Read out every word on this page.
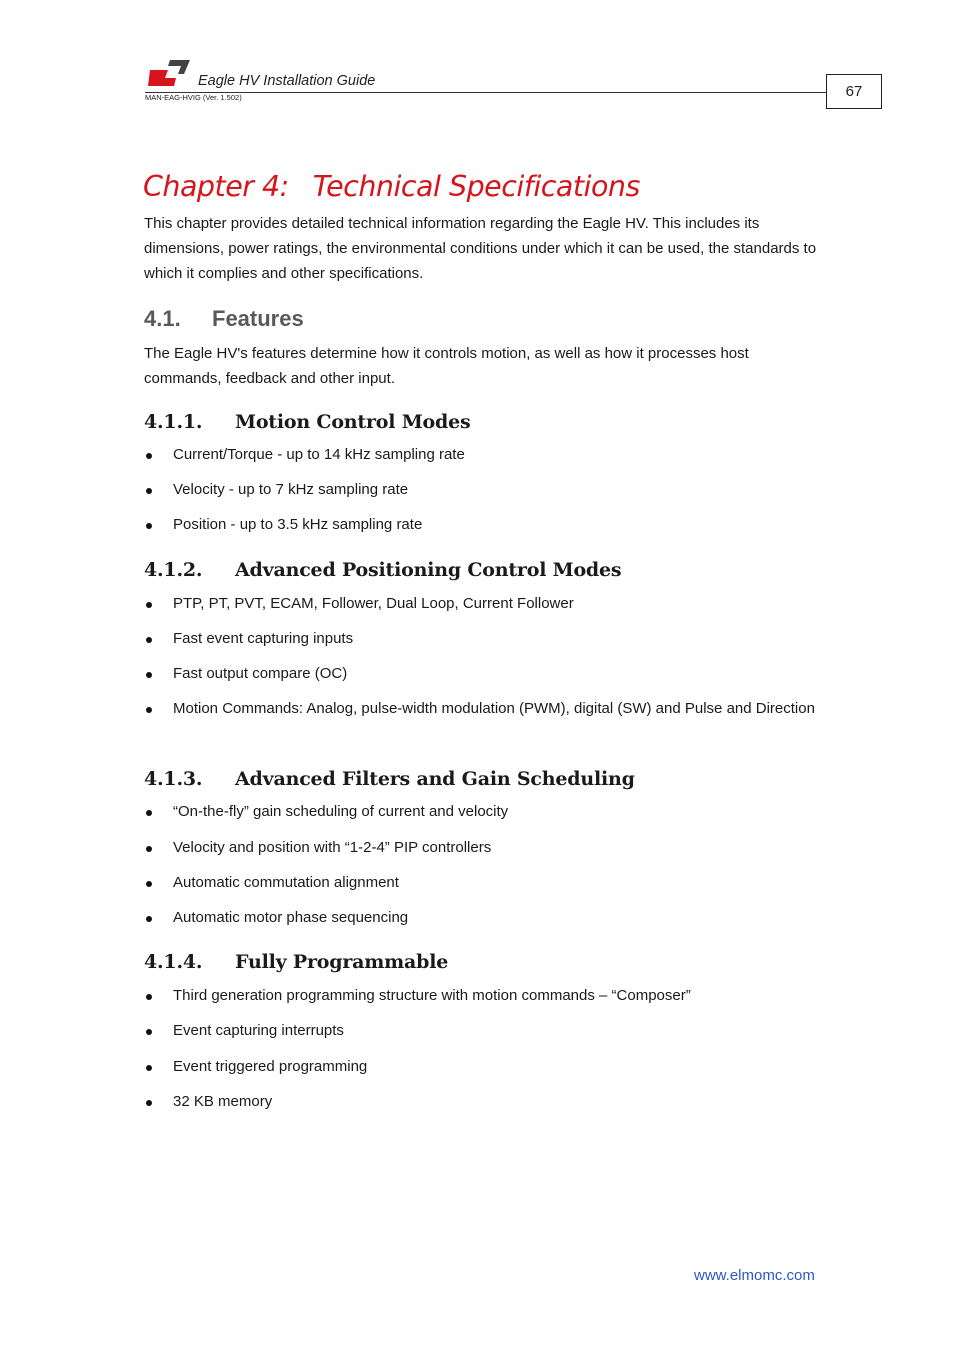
Eagle HV Installation Guide
MAN-EAG-HVIG (Ver. 1.502)	67
Chapter 4: Technical Specifications
This chapter provides detailed technical information regarding the Eagle HV. This includes its dimensions, power ratings, the environmental conditions under which it can be used, the standards to which it complies and other specifications.
4.1. Features
The Eagle HV's features determine how it controls motion, as well as how it processes host commands, feedback and other input.
4.1.1. Motion Control Modes
Current/Torque - up to 14 kHz sampling rate
Velocity - up to 7 kHz sampling rate
Position - up to 3.5 kHz sampling rate
4.1.2. Advanced Positioning Control Modes
PTP, PT, PVT, ECAM, Follower, Dual Loop, Current Follower
Fast event capturing inputs
Fast output compare (OC)
Motion Commands: Analog, pulse-width modulation (PWM), digital (SW) and Pulse and Direction
4.1.3. Advanced Filters and Gain Scheduling
“On-the-fly” gain scheduling of current and velocity
Velocity and position with “1-2-4” PIP controllers
Automatic commutation alignment
Automatic motor phase sequencing
4.1.4. Fully Programmable
Third generation programming structure with motion commands – “Composer”
Event capturing interrupts
Event triggered programming
32 KB memory
www.elmomc.com
